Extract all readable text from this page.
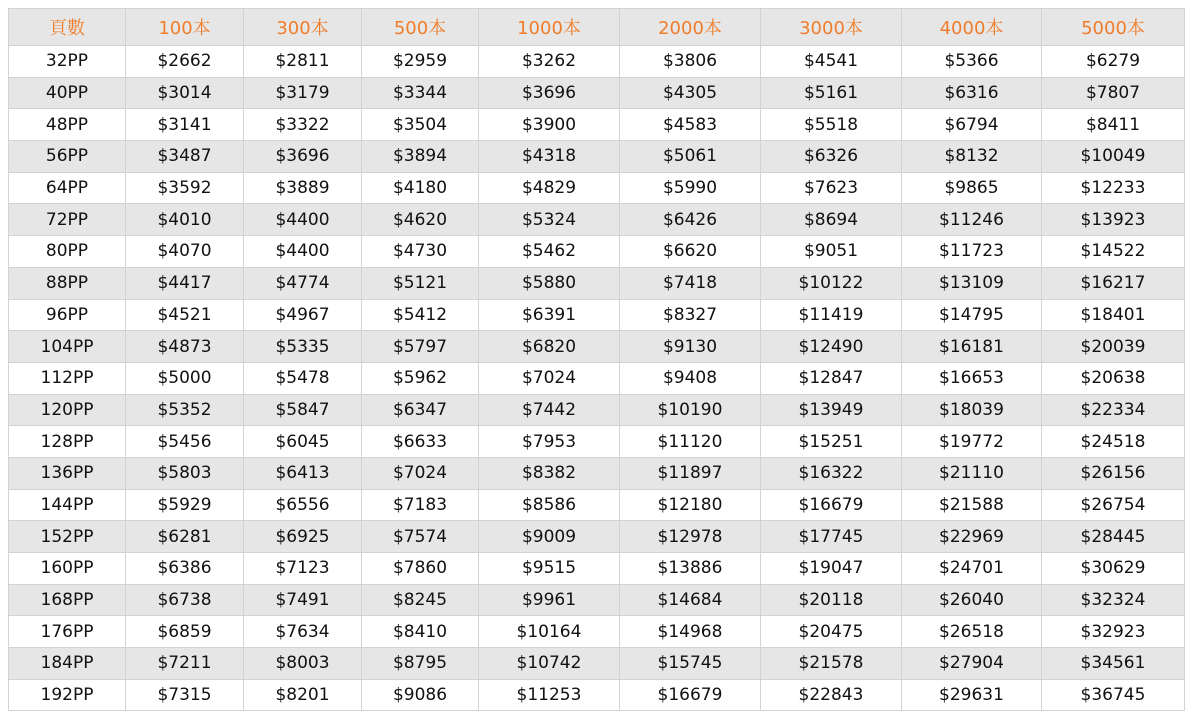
頁數	100本	300本	500本	1000本	2000本	3000本	4000本	5000本
32PP	$2662	$2811	$2959	$3262	$3806	$4541	$5366	$6279
40PP	$3014	$3179	$3344	$3696	$4305	$5161	$6316	$7807
48PP	$3141	$3322	$3504	$3900	$4583	$5518	$6794	$8411
56PP	$3487	$3696	$3894	$4318	$5061	$6326	$8132	$10049
64PP	$3592	$3889	$4180	$4829	$5990	$7623	$9865	$12233
72PP	$4010	$4400	$4620	$5324	$6426	$8694	$11246	$13923
80PP	$4070	$4400	$4730	$5462	$6620	$9051	$11723	$14522
88PP	$4417	$4774	$5121	$5880	$7418	$10122	$13109	$16217
96PP	$4521	$4967	$5412	$6391	$8327	$11419	$14795	$18401
104PP	$4873	$5335	$5797	$6820	$9130	$12490	$16181	$20039
112PP	$5000	$5478	$5962	$7024	$9408	$12847	$16653	$20638
120PP	$5352	$5847	$6347	$7442	$10190	$13949	$18039	$22334
128PP	$5456	$6045	$6633	$7953	$11120	$15251	$19772	$24518
136PP	$5803	$6413	$7024	$8382	$11897	$16322	$21110	$26156
144PP	$5929	$6556	$7183	$8586	$12180	$16679	$21588	$26754
152PP	$6281	$6925	$7574	$9009	$12978	$17745	$22969	$28445
160PP	$6386	$7123	$7860	$9515	$13886	$19047	$24701	$30629
168PP	$6738	$7491	$8245	$9961	$14684	$20118	$26040	$32324
176PP	$6859	$7634	$8410	$10164	$14968	$20475	$26518	$32923
184PP	$7211	$8003	$8795	$10742	$15745	$21578	$27904	$34561
192PP	$7315	$8201	$9086	$11253	$16679	$22843	$29631	$36745
